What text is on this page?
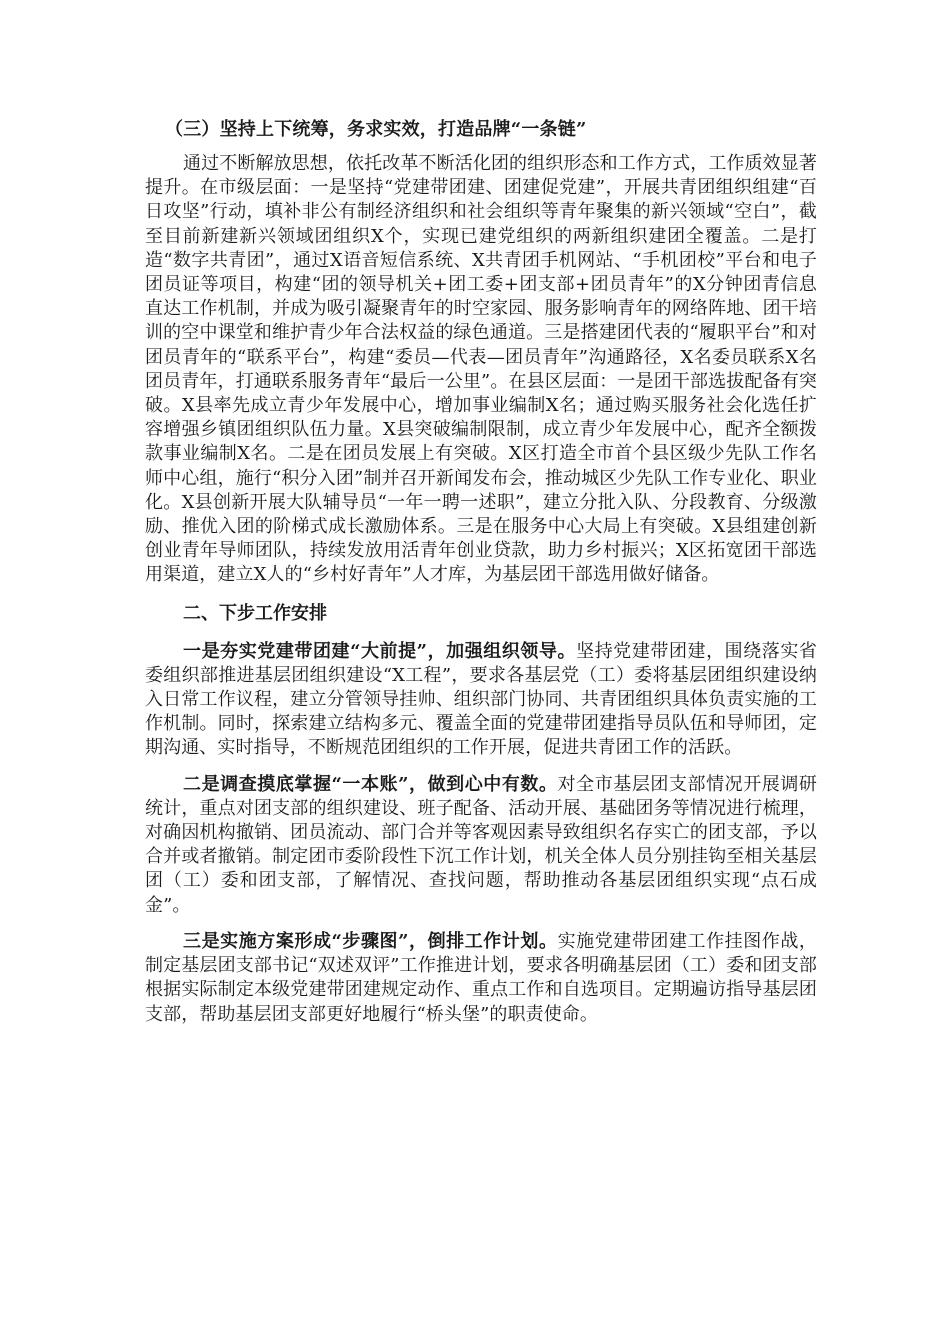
（三）坚持上下统筹，务求实效，打造品牌“一条链”

通过不断解放思想，依托改革不断活化团的组织形态和工作方式，工作质效显著提升。在市级层面：一是坚持“党建带团建、团建促党建”，开展共青团组织组建“百日攻坚”行动，填补非公有制经济组织和社会组织等青年聚集的新兴领域“空白”，截至目前新建新兴领域团组织X个，实现已建党组织的两新组织建团全覆盖。二是打造“数字共青团”，通过X语音短信系统、X共青团手机网站、“手机团校”平台和电子团员证等项目，构建“团的领导机关+团工委+团支部+团员青年”的X分钟团青信息直达工作机制，并成为吸引凝聚青年的时空家园、服务影响青年的网络阵地、团干培训的空中课堂和维护青少年合法权益的绿色通道。三是搭建团代表的“履职平台”和对团员青年的“联系平台”，构建“委员—代表—团员青年”沟通路径，X名委员联系X名团员青年，打通联系服务青年“最后一公里”。在县区层面：一是团干部选拔配备有突破。X县率先成立青少年发展中心，增加事业编制X名；通过购买服务社会化选任扩容增强乡镇团组织队伍力量。X县突破编制限制，成立青少年发展中心，配齐全额拨款事业编制X名。二是在团员发展上有突破。X区打造全市首个县区级少先队工作名师中心组，施行“积分入团”制并召开新闻发布会，推动城区少先队工作专业化、职业化。X县创新开展大队辅导员“一年一聘一述职”，建立分批入队、分段教育、分级激励、推优入团的阶梯式成长激励体系。三是在服务中心大局上有突破。X县组建创新创业青年导师团队，持续发放用活青年创业贷款，助力乡村振兴；X区拓宽团干部选用渠道，建立X人的“乡村好青年”人才库，为基层团干部选用做好储备。

二、下步工作安排

一是夯实党建带团建“大前提”，加强组织领导。坚持党建带团建，围绕落实省委组织部推进基层团组织建设“X工程”，要求各基层党（工）委将基层团组织建设纳入日常工作议程，建立分管领导挂帅、组织部门协同、共青团组织具体负责实施的工作机制。同时，探索建立结构多元、覆盖全面的党建带团建指导员队伍和导师团，定期沟通、实时指导，不断规范团组织的工作开展，促进共青团工作的活跃。

二是调查摸底掌握“一本账”，做到心中有数。对全市基层团支部情况开展调研统计，重点对团支部的组织建设、班子配备、活动开展、基础团务等情况进行梳理，对确因机构撤销、团员流动、部门合并等客观因素导致组织名存实亡的团支部，予以合并或者撤销。制定团市委阶段性下沉工作计划，机关全体人员分别挂钩至相关基层团（工）委和团支部，了解情况、查找问题，帮助推动各基层团组织实现“点石成金”。

三是实施方案形成“步骤图”，倒排工作计划。实施党建带团建工作挂图作战，制定基层团支部书记“双述双评”工作推进计划，要求各明确基层团（工）委和团支部根据实际制定本级党建带团建规定动作、重点工作和自选项目。定期遍访指导基层团支部，帮助基层团支部更好地履行“桥头堡”的职责使命。
